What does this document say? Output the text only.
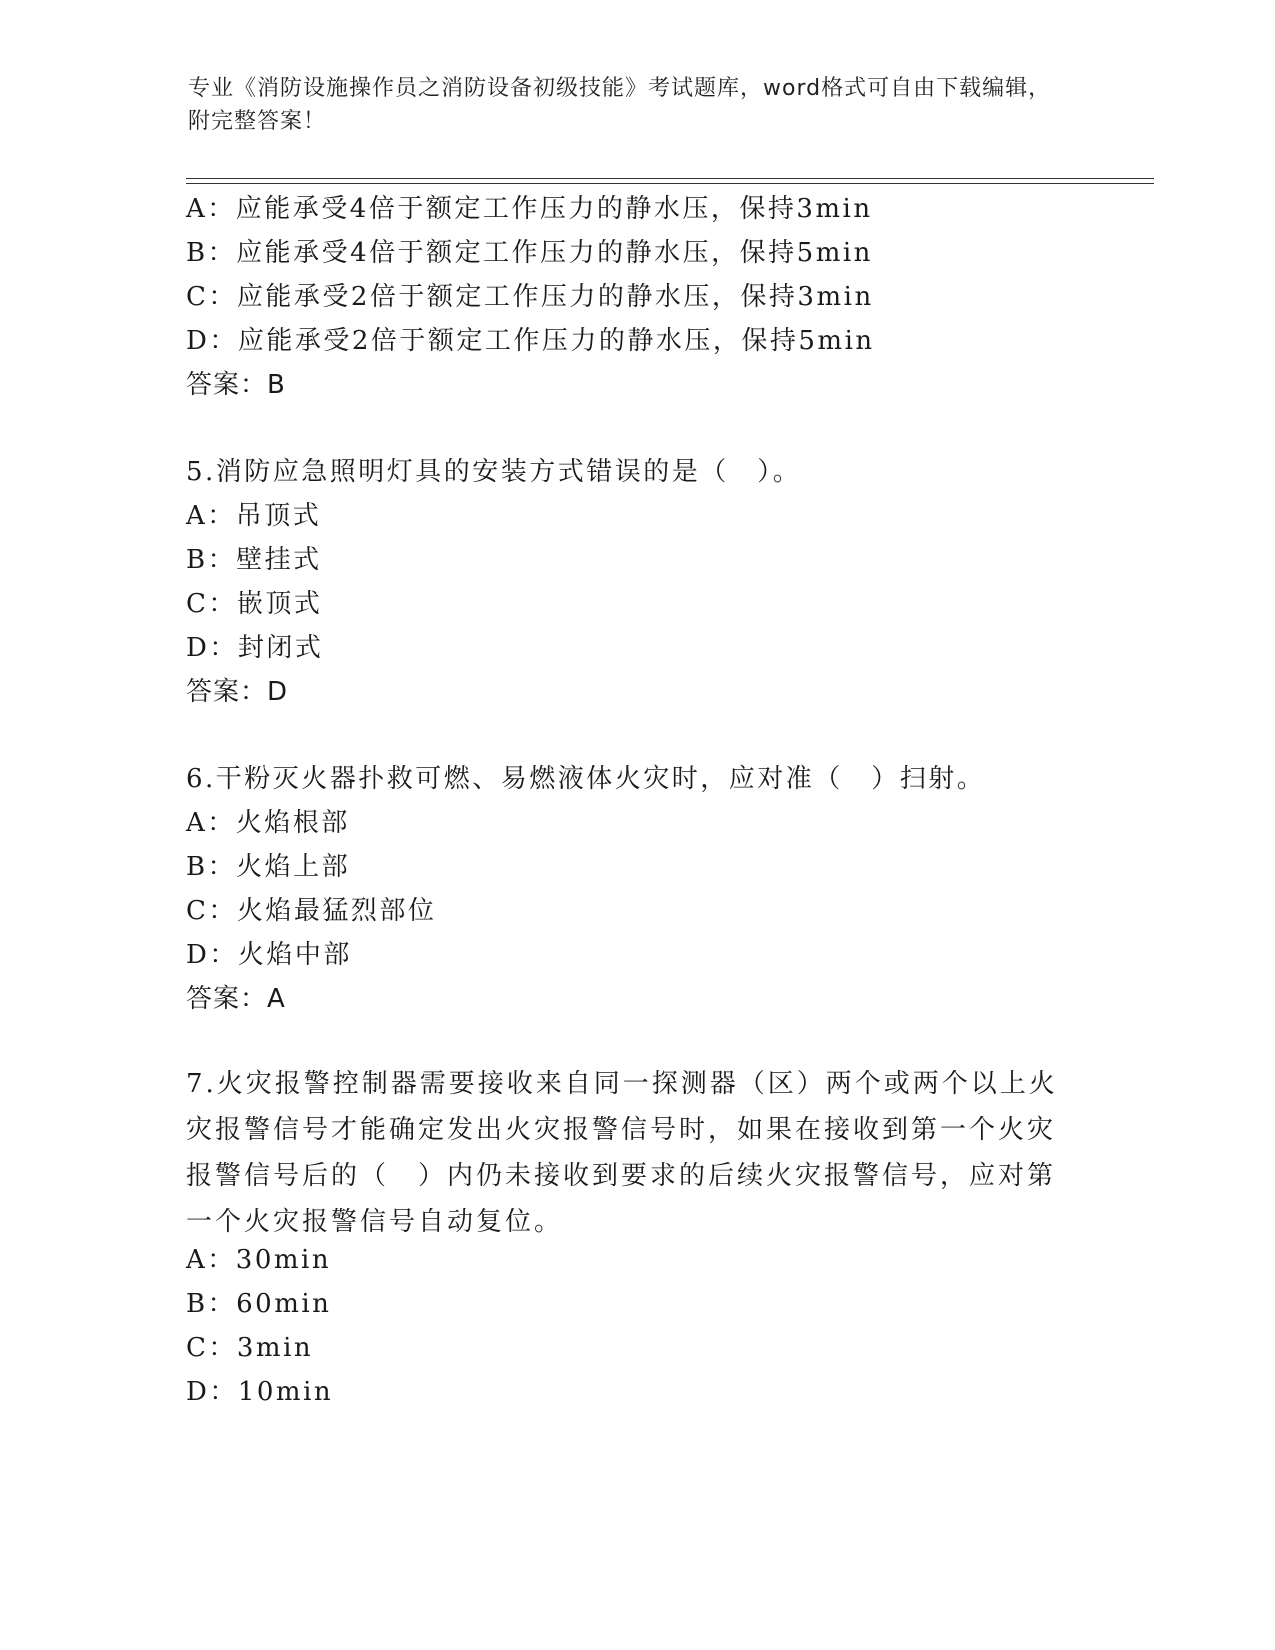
专业《消防设施操作员之消防设备初级技能》考试题库，word格式可自由下载编辑，附完整答案！
A：应能承受4倍于额定工作压力的静水压，保持3min
B：应能承受4倍于额定工作压力的静水压，保持5min
C：应能承受2倍于额定工作压力的静水压，保持3min
D：应能承受2倍于额定工作压力的静水压，保持5min
答案：B
5.消防应急照明灯具的安装方式错误的是（　）。
A：吊顶式
B：壁挂式
C：嵌顶式
D：封闭式
答案：D
6.干粉灭火器扑救可燃、易燃液体火灾时，应对准（　）扫射。
A：火焰根部
B：火焰上部
C：火焰最猛烈部位
D：火焰中部
答案：A
7.火灾报警控制器需要接收来自同一探测器（区）两个或两个以上火灾报警信号才能确定发出火灾报警信号时，如果在接收到第一个火灾报警信号后的（　）内仍未接收到要求的后续火灾报警信号，应对第一个火灾报警信号自动复位。
A：30min
B：60min
C：3min
D：10min
